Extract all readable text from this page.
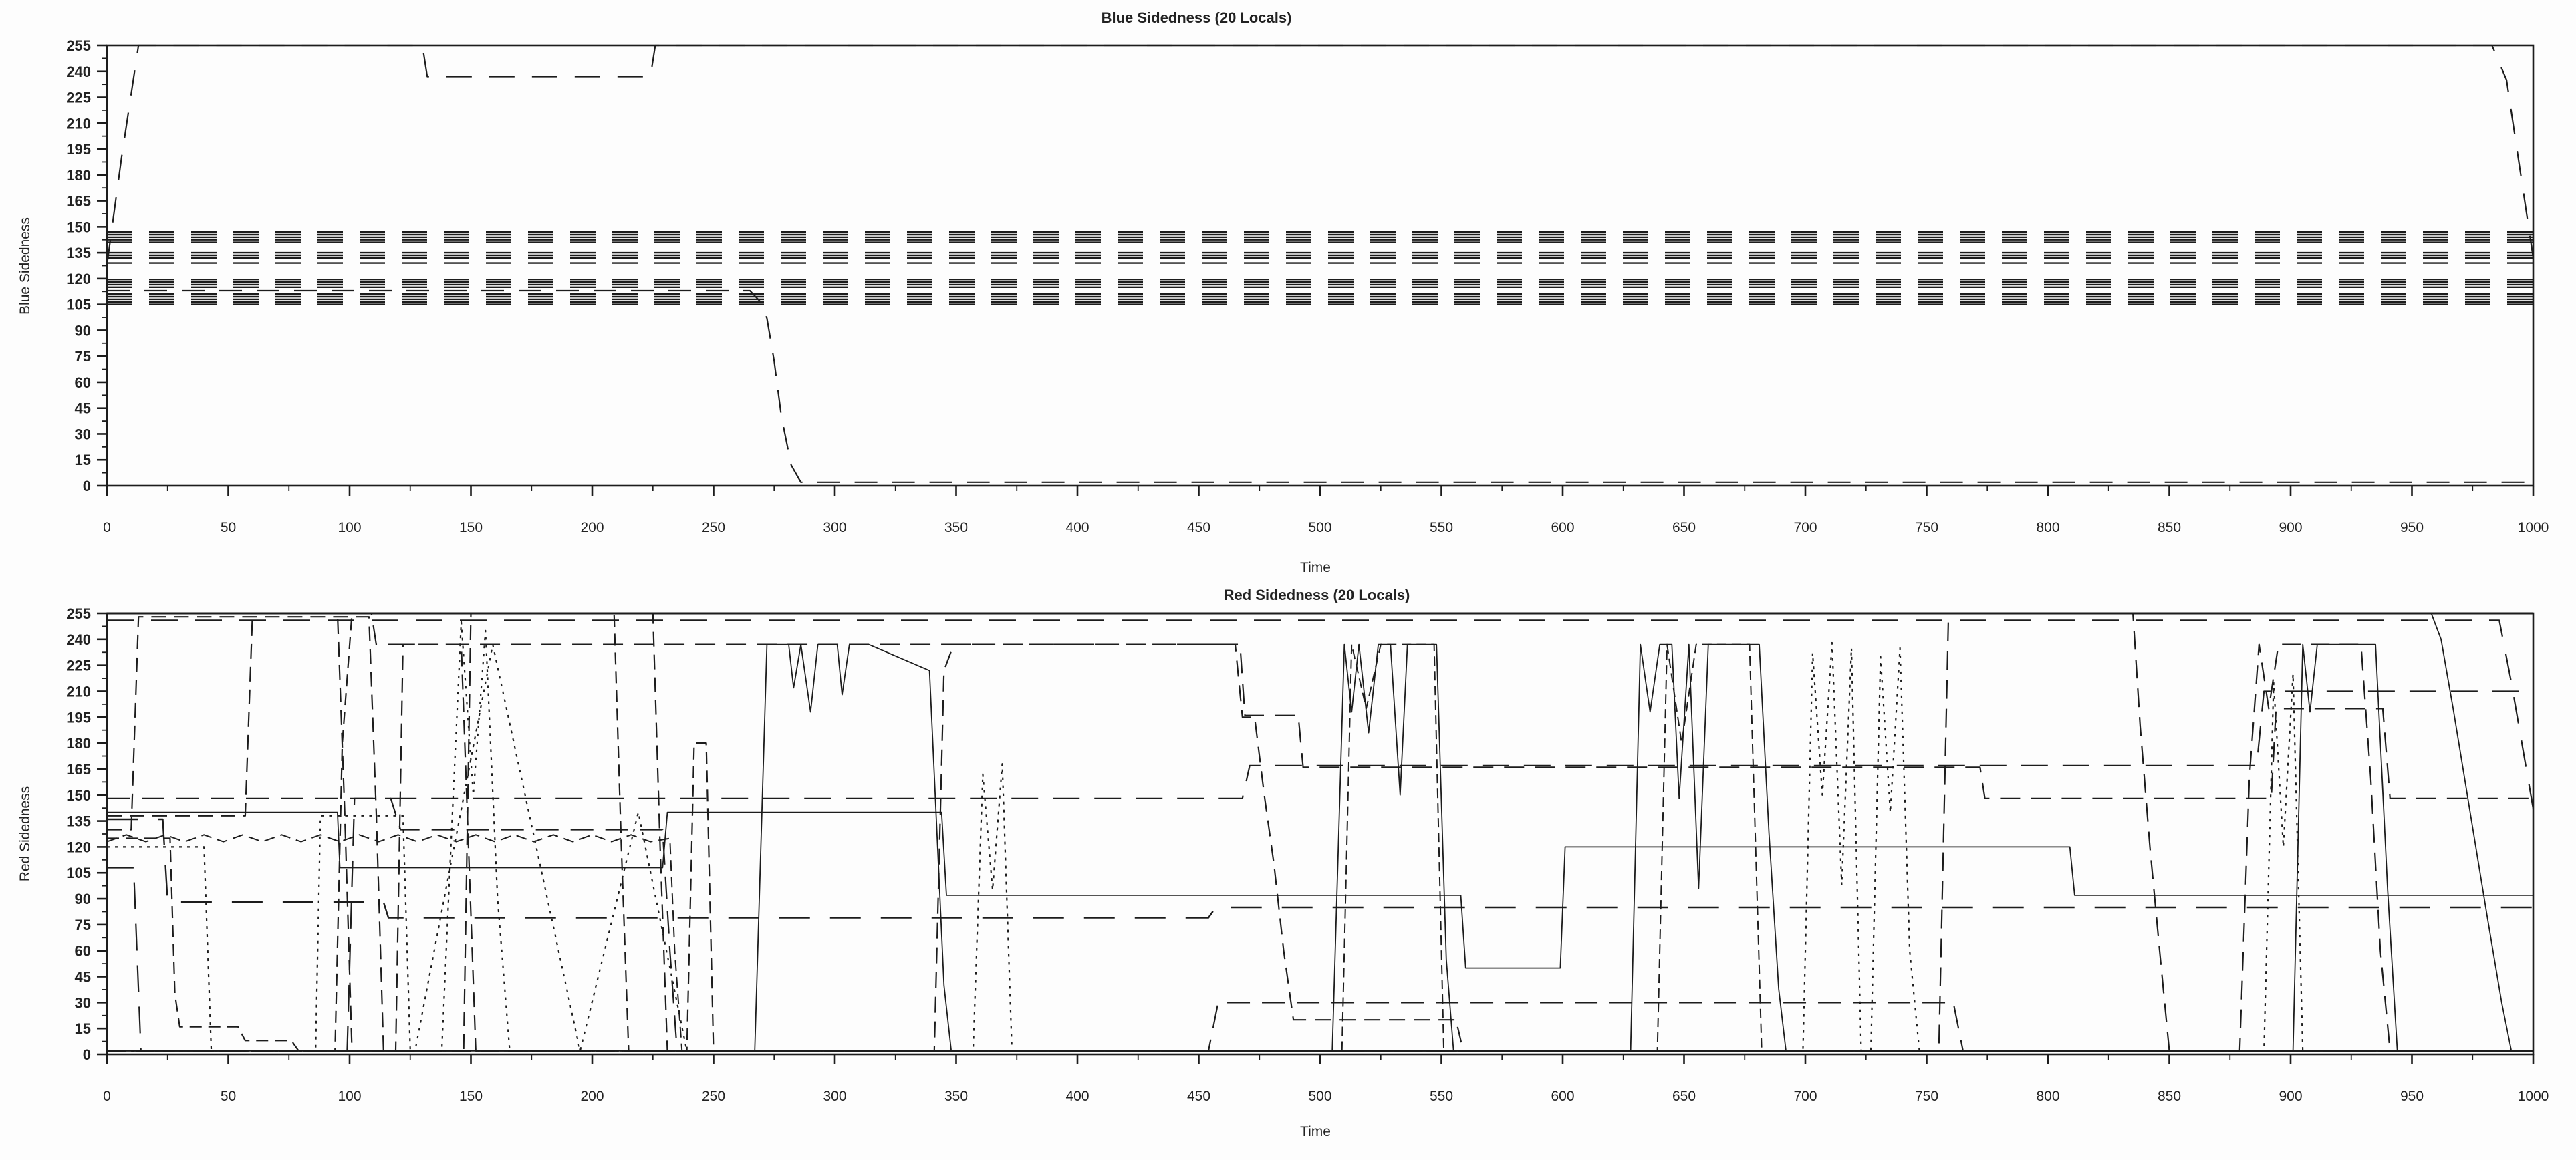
Blue Sidedness (20 Locals)
0	50	100	150	200	250	300	350	400	450	500	550	600	650	700	750	800	850	900	950	1000
0
15
30
45
60
75
90
105
120
135
150
165
180
195
210
225
240
255
Blue Sidedness
Time
Red Sidedness (20 Locals)
0	50	100	150	200	250	300	350	400	450	500	550	600	650	700	750	800	850	900	950	1000
0
15
30
45
60
75
90
105
120
135
150
165
180
195
210
225
240
255
Red Sidedness
Time
